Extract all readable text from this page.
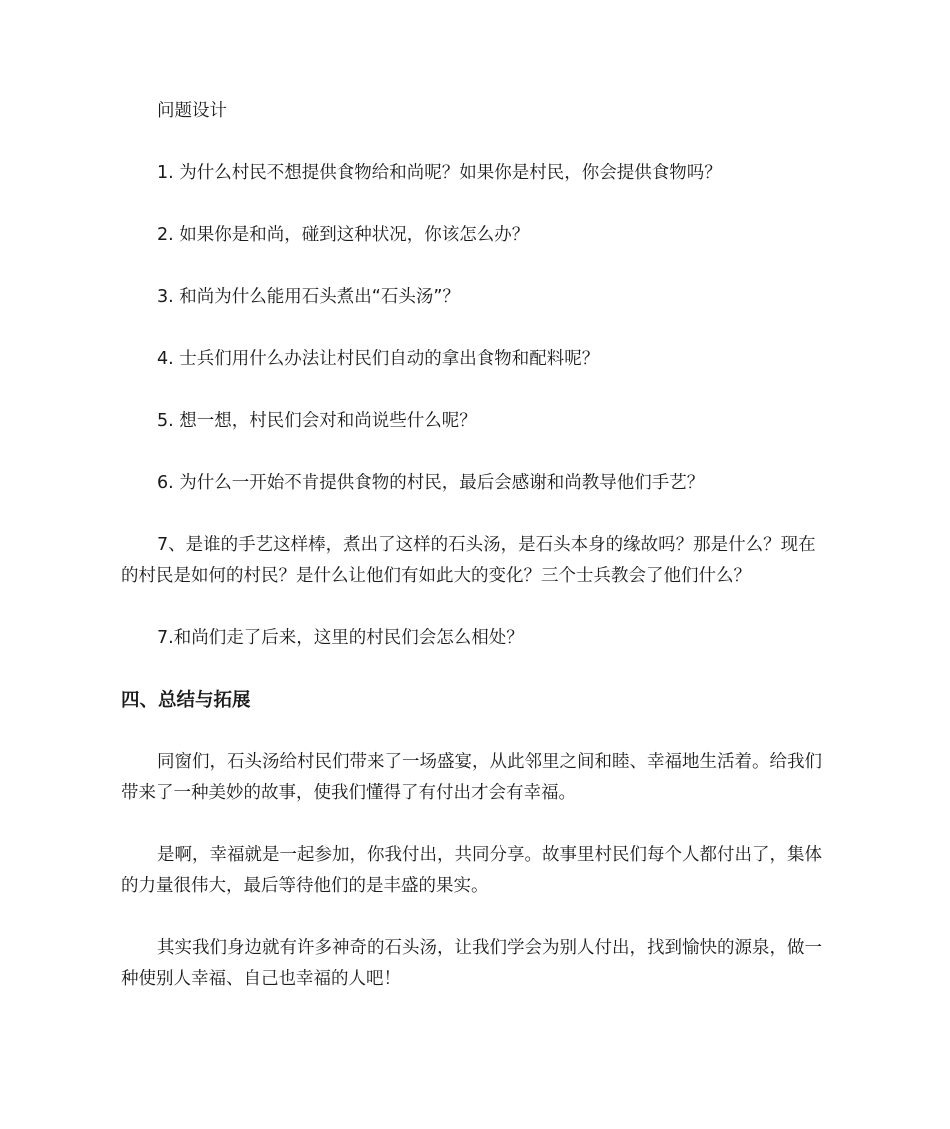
问题设计

1. 为什么村民不想提供食物给和尚呢？如果你是村民，你会提供食物吗？

2. 如果你是和尚，碰到这种状况，你该怎么办？

3. 和尚为什么能用石头煮出“石头汤”？

4. 士兵们用什么办法让村民们自动的拿出食物和配料呢？

5. 想一想，村民们会对和尚说些什么呢？

6. 为什么一开始不肯提供食物的村民，最后会感谢和尚教导他们手艺？

7、是谁的手艺这样棒，煮出了这样的石头汤，是石头本身的缘故吗？那是什么？现在的村民是如何的村民？是什么让他们有如此大的变化？三个士兵教会了他们什么？

7.和尚们走了后来，这里的村民们会怎么相处？

四、总结与拓展

同窗们，石头汤给村民们带来了一场盛宴，从此邻里之间和睦、幸福地生活着。给我们带来了一种美妙的故事，使我们懂得了有付出才会有幸福。

是啊，幸福就是一起参加，你我付出，共同分享。故事里村民们每个人都付出了，集体的力量很伟大，最后等待他们的是丰盛的果实。

其实我们身边就有许多神奇的石头汤，让我们学会为别人付出，找到愉快的源泉，做一种使别人幸福、自己也幸福的人吧！
